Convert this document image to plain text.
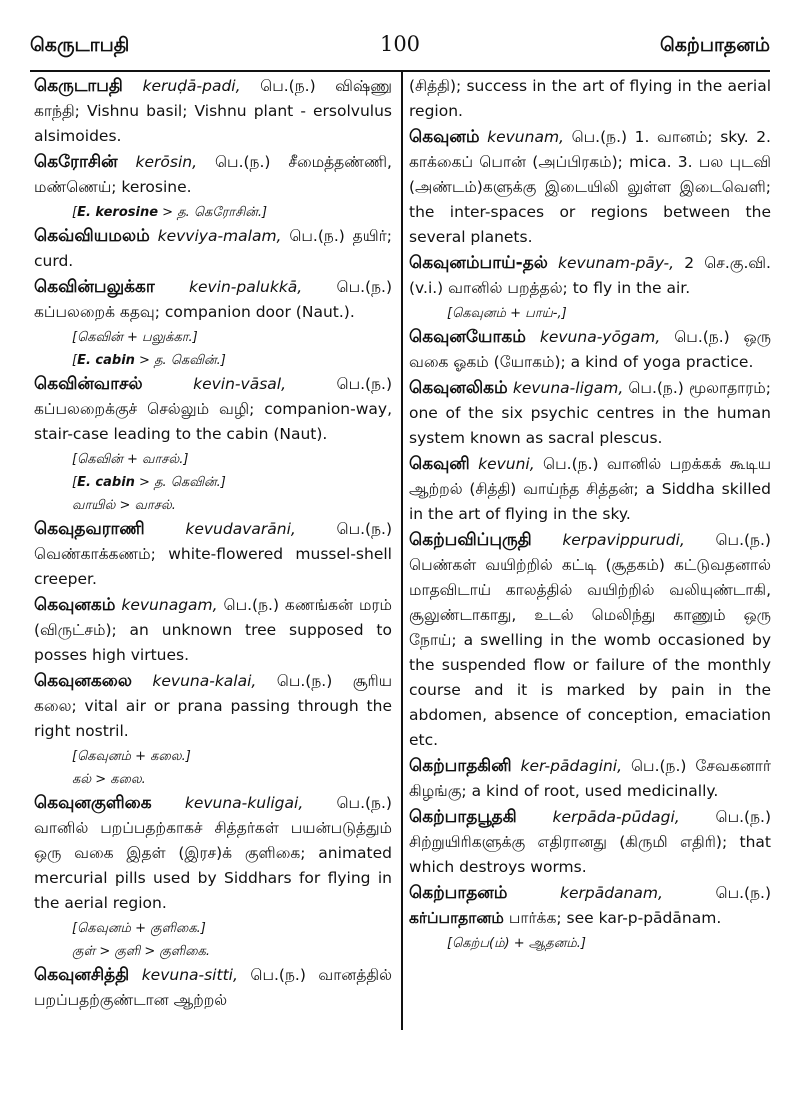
கெருடாபதி	100	கெற்பாதனம்
கெருடாபதி keruḍā-padi, பெ.(ந.) விஷ்ணு காந்தி; Vishnu basil; Vishnu plant - ersolvulus alsimoides.
கெரோசின் kerōsin, பெ.(ந.) சீமைத்தண்ணி, மண்ணெய்; kerosine.
[E. kerosine > த. கெரோசின்.]
கெவ்வியமலம் kevviya-malam, பெ.(ந.) தயிர்; curd.
கெவின்பலுக்கா kevin-palukkā, பெ.(ந.) கப்பலறைக் கதவு; companion door (Naut.).
[கெவின் + பலுக்கா.]
[E. cabin > த. கெவின்.]
கெவின்வாசல்	kevin-vāsal,	பெ.(ந.) கப்பலறைக்குச் செல்லும் வழி; companion-way, stair-case leading to the cabin (Naut).
[கெவின் + வாசல்.]
[E. cabin > த. கெவின்.]
வாயில் > வாசல்.
கெவுதவராணி	kevudavarāni,	பெ.(ந.) வெண்காக்கணம்; white-flowered mussel-shell creeper.
கெவுனகம் kevunagam, பெ.(ந.) கணங்கன் மரம் (விருட்சம்); an unknown tree supposed to posses high virtues.
கெவுனகலை kevuna-kalai, பெ.(ந.) சூரிய கலை; vital air or prana passing through the right nostril.
[கெவுனம் + கலை.]
கல் > கலை.
கெவுனகுளிகை kevuna-kuligai, பெ.(ந.) வானில் பறப்பதற்காகச் சித்தர்கள் பயன்படுத்தும் ஒரு வகை இதள் (இரச)க் குளிகை; animated mercurial pills used by Siddhars for flying in the aerial region.
[கெவுனம் + குளிகை.]
குள் > குளி > குளிகை.
கெவுனசித்தி kevuna-sitti, பெ.(ந.) வானத்தில் பறப்பதற்குண்டான ஆற்றல்
(சித்தி); success in the art of flying in the aerial region.
கெவுனம் kevunam, பெ.(ந.) 1. வானம்; sky. 2. காக்கைப் பொன் (அப்பிரகம்); mica. 3. பல புடவி (அண்டம்)களுக்கு இடையிலி லுள்ள இடைவெளி; the inter-spaces or regions between the several planets.
கெவுனம்பாய்-தல் kevunam-pāy-, 2 செ.கு.வி. (v.i.) வானில் பறத்தல்; to fly in the air.
[கெவுனம் + பாய்-,]
கெவுனயோகம் kevuna-yōgam, பெ.(ந.) ஒரு வகை ஓகம் (யோகம்); a kind of yoga practice.
கெவுனலிகம் kevuna-ligam, பெ.(ந.) மூலாதாரம்; one of the six psychic centres in the human system known as sacral plescus.
கெவுனி kevuni, பெ.(ந.) வானில் பறக்கக் கூடிய ஆற்றல் (சித்தி) வாய்ந்த சித்தன்; a Siddha skilled in the art of flying in the sky.
கெற்பவிப்புருதி kerpavippurudi, பெ.(ந.) பெண்கள் வயிற்றில் கட்டி (சூதகம்) கட்டுவதனால் மாதவிடாய் காலத்தில் வயிற்றில் வலியுண்டாகி, சூலுண்டாகாது, உடல் மெலிந்து காணும் ஒரு நோய்; a swelling in the womb occasioned by the suspended flow or failure of the monthly course and it is marked by pain in the abdomen, absence of conception, emaciation etc.
கெற்பாதகினி ker-pādagini, பெ.(ந.) சேவகனார் கிழங்கு; a kind of root, used medicinally.
கெற்பாதபூதகி kerpāda-pūdagi, பெ.(ந.) சிற்றுயிரிகளுக்கு எதிரானது (கிருமி எதிரி); that which destroys worms.
கெற்பாதனம்	kerpādanam,	பெ.(ந.) கர்ப்பாதானம் பார்க்க; see kar-p-pādānam.
[கெற்ப(ம்) + ஆதனம்.]
